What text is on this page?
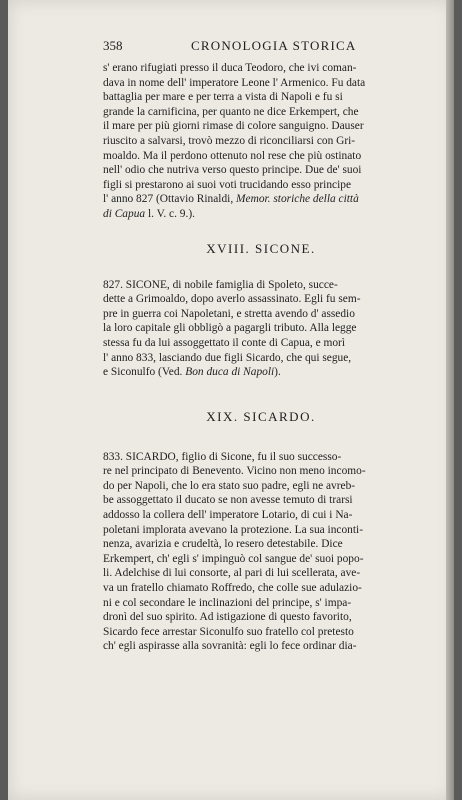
358	CRONOLOGIA STORICA
s' erano rifugiati presso il duca Teodoro, che ivi coman-
dava in nome dell' imperatore Leone l' Armenico. Fu data
battaglia per mare e per terra a vista di Napoli e fu si
grande la carnificina, per quanto ne dice Erkempert, che
il mare per più giorni rimase di colore sanguigno. Dauser
riuscito a salvarsi, trovò mezzo di riconciliarsi con Gri-
moaldo. Ma il perdono ottenuto nol rese che più ostinato
nell' odio che nutriva verso questo principe. Due de' suoi
figli si prestarono ai suoi voti trucidando esso principe
l' anno 827 (Ottavio Rinaldi, Memor. storiche della città
di Capua l. V. c. 9.).
XVIII. SICONE.
827. SICONE, di nobile famiglia di Spoleto, succe-
dette a Grimoaldo, dopo averlo assassinato. Egli fu sem-
pre in guerra coi Napoletani, e stretta avendo d' assedio
la loro capitale gli obbligò a pagargli tributo. Alla legge
stessa fu da lui assoggettato il conte di Capua, e morì
l' anno 833, lasciando due figli Sicardo, che qui segue,
e Siconulfo (Ved. Bon duca di Napoli).
XIX. SICARDO.
833. SICARDO, figlio di Sicone, fu il suo successo-
re nel principato di Benevento. Vicino non meno incomo-
do per Napoli, che lo era stato suo padre, egli ne avreb-
be assoggettato il ducato se non avesse temuto di trarsi
addosso la collera dell' imperatore Lotario, di cui i Na-
poletani implorata avevano la protezione. La sua inconti-
nenza, avarizia e crudeltà, lo resero detestabile. Dice
Erkempert, ch' egli s' impinguò col sangue de' suoi popo-
li. Adelchise di lui consorte, al pari di lui scellerata, ave-
va un fratello chiamato Roffredo, che colle sue adulazio-
ni e col secondare le inclinazioni del principe, s' impa-
dronì del suo spirito. Ad istigazione di questo favorito,
Sicardo fece arrestar Siconulfo suo fratello col pretesto
ch' egli aspirasse alla sovranità: egli lo fece ordinar dia-
